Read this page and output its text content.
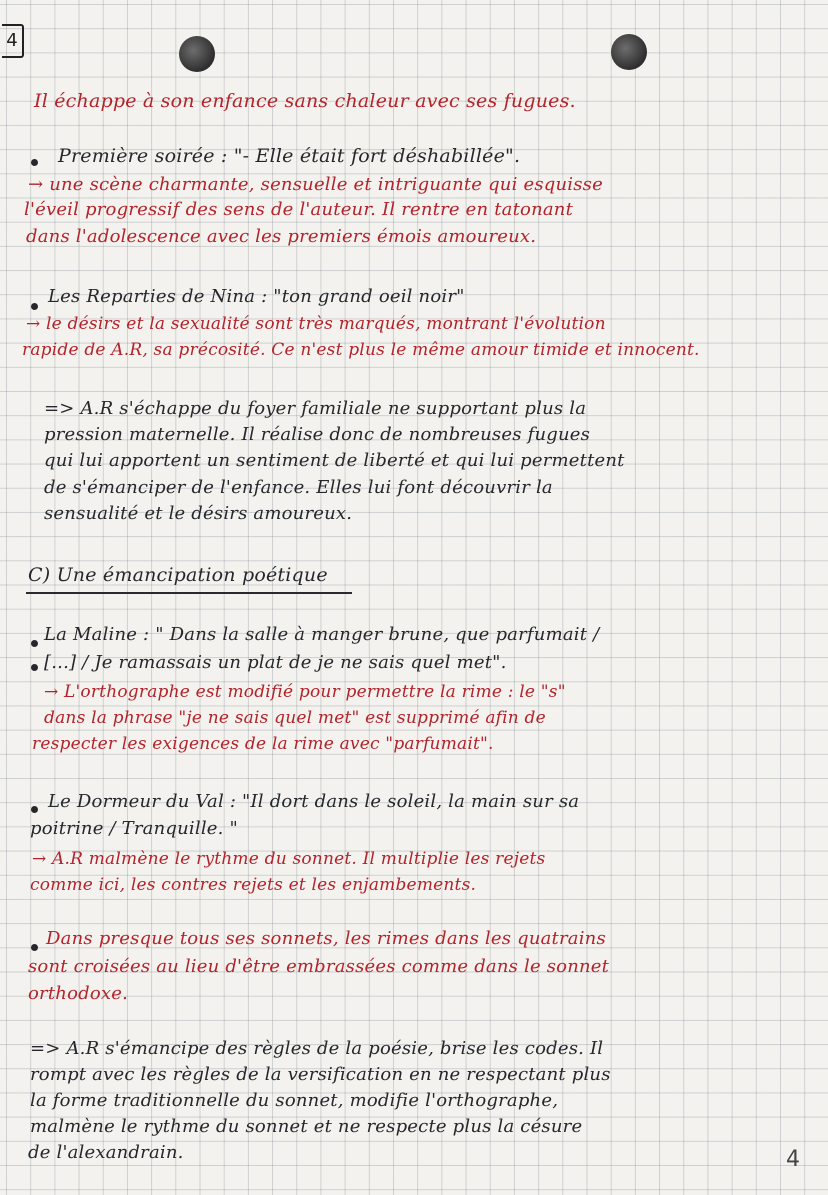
4
Il échappe à son enfance sans chaleur avec ses fugues.
Première soirée : "- Elle était fort déshabillée".
→ une scène charmante, sensuelle et intriguante qui esquisse
l'éveil progressif des sens de l'auteur. Il rentre en tatonant
dans l'adolescence avec les premiers émois amoureux.
Les Reparties de Nina : "ton grand oeil noir"
→ le désirs et la sexualité sont très marqués, montrant l'évolution
rapide de A.R, sa précosité. Ce n'est plus le même amour timide et innocent.
=> A.R s'échappe du foyer familiale ne supportant plus la
pression maternelle. Il réalise donc de nombreuses fugues
qui lui apportent un sentiment de liberté et qui lui permettent
de s'émanciper de l'enfance. Elles lui font découvrir la
sensualité et le désirs amoureux.
C) Une émancipation poétique
La Maline : " Dans la salle à manger brune, que parfumait /
[...] / Je ramassais un plat de je ne sais quel met".
→ L'orthographe est modifié pour permettre la rime : le "s"
dans la phrase "je ne sais quel met" est supprimé afin de
respecter les exigences de la rime avec "parfumait".
Le Dormeur du Val : "Il dort dans le soleil, la main sur sa
poitrine / Tranquille. "
→ A.R malmène le rythme du sonnet. Il multiplie les rejets
comme ici, les contres rejets et les enjambements.
Dans presque tous ses sonnets, les rimes dans les quatrains
sont croisées au lieu d'être embrassées comme dans le sonnet
orthodoxe.
=> A.R s'émancipe des règles de la poésie, brise les codes. Il
rompt avec les règles de la versification en ne respectant plus
la forme traditionnelle du sonnet, modifie l'orthographe,
malmène le rythme du sonnet et ne respecte plus la césure
de l'alexandrain.	4
